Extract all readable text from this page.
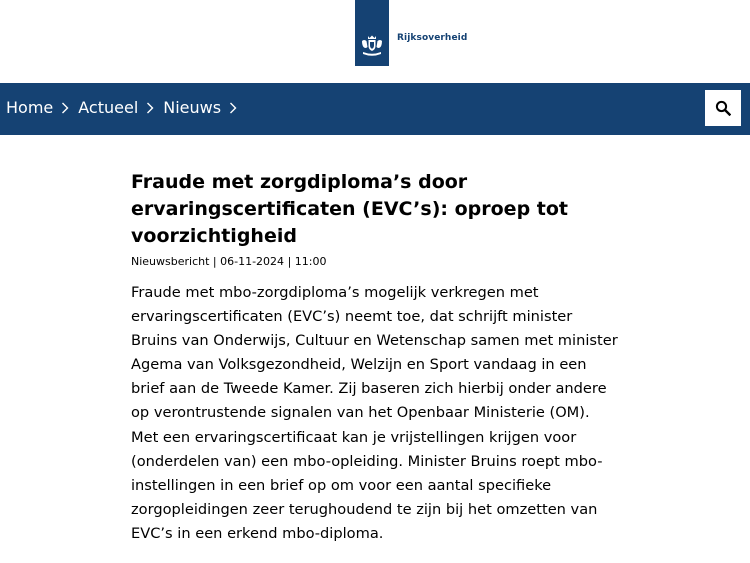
Rijksoverheid
Home Actueel Nieuws
Fraude met zorgdiploma’s door ervaringscertificaten (EVC’s): oproep tot voorzichtigheid
Nieuwsbericht | 06-11-2024 | 11:00

Fraude met mbo-zorgdiploma’s mogelijk verkregen met ervaringscertificaten (EVC’s) neemt toe, dat schrijft minister Bruins van Onderwijs, Cultuur en Wetenschap samen met minister Agema van Volksgezondheid, Welzijn en Sport vandaag in een brief aan de Tweede Kamer. Zij baseren zich hierbij onder andere op verontrustende signalen van het Openbaar Ministerie (OM). Met een ervaringscertificaat kan je vrijstellingen krijgen voor (onderdelen van) een mbo-opleiding. Minister Bruins roept mbo-instellingen in een brief op om voor een aantal specifieke zorgopleidingen zeer terughoudend te zijn bij het omzetten van EVC’s in een erkend mbo-diploma.
